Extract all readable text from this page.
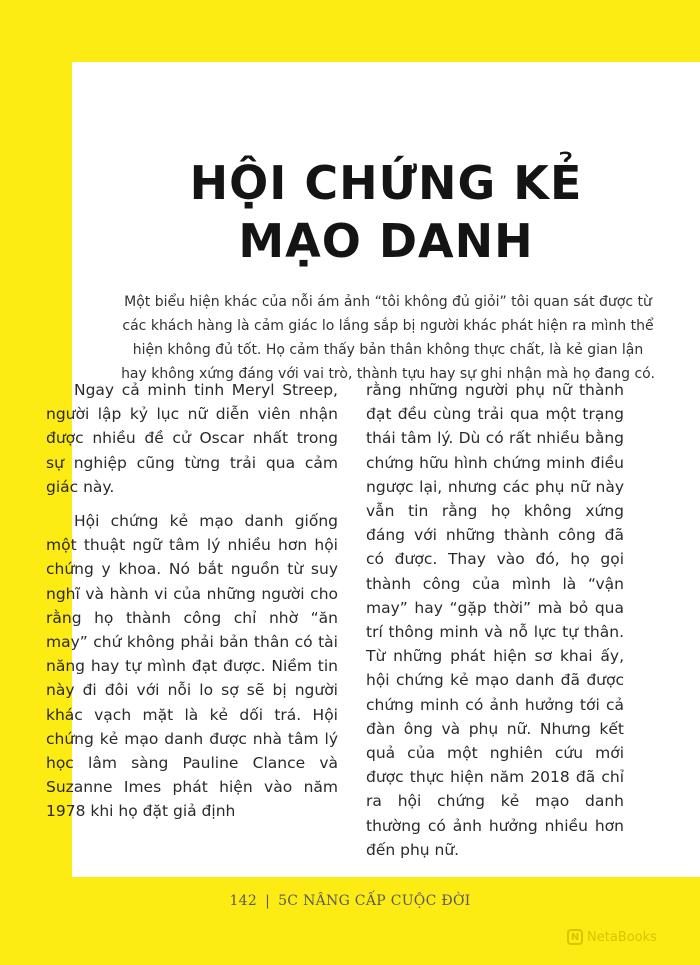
HỘI CHỨNG KẺ
MẠO DANH

Một biểu hiện khác của nỗi ám ảnh “tôi không đủ giỏi” tôi quan sát được từ các khách hàng là cảm giác lo lắng sắp bị người khác phát hiện ra mình thể hiện không đủ tốt. Họ cảm thấy bản thân không thực chất, là kẻ gian lận hay không xứng đáng với vai trò, thành tựu hay sự ghi nhận mà họ đang có.

Ngay cả minh tinh Meryl Streep, người lập kỷ lục nữ diễn viên nhận được nhiều đề cử Oscar nhất trong sự nghiệp cũng từng trải qua cảm giác này.

Hội chứng kẻ mạo danh giống một thuật ngữ tâm lý nhiều hơn hội chứng y khoa. Nó bắt nguồn từ suy nghĩ và hành vi của những người cho rằng họ thành công chỉ nhờ “ăn may” chứ không phải bản thân có tài năng hay tự mình đạt được. Niềm tin này đi đôi với nỗi lo sợ sẽ bị người khác vạch mặt là kẻ dối trá. Hội chứng kẻ mạo danh được nhà tâm lý học lâm sàng Pauline Clance và Suzanne Imes phát hiện vào năm 1978 khi họ đặt giả định

rằng những người phụ nữ thành đạt đều cùng trải qua một trạng thái tâm lý. Dù có rất nhiều bằng chứng hữu hình chứng minh điều ngược lại, nhưng các phụ nữ này vẫn tin rằng họ không xứng đáng với những thành công đã có được. Thay vào đó, họ gọi thành công của mình là “vận may” hay “gặp thời” mà bỏ qua trí thông minh và nỗ lực tự thân. Từ những phát hiện sơ khai ấy, hội chứng kẻ mạo danh đã được chứng minh có ảnh hưởng tới cả đàn ông và phụ nữ. Nhưng kết quả của một nghiên cứu mới được thực hiện năm 2018 đã chỉ ra hội chứng kẻ mạo danh thường có ảnh hưởng nhiều hơn đến phụ nữ.

142 | 5C NÂNG CẤP CUỘC ĐỜI
N NetaBooks
